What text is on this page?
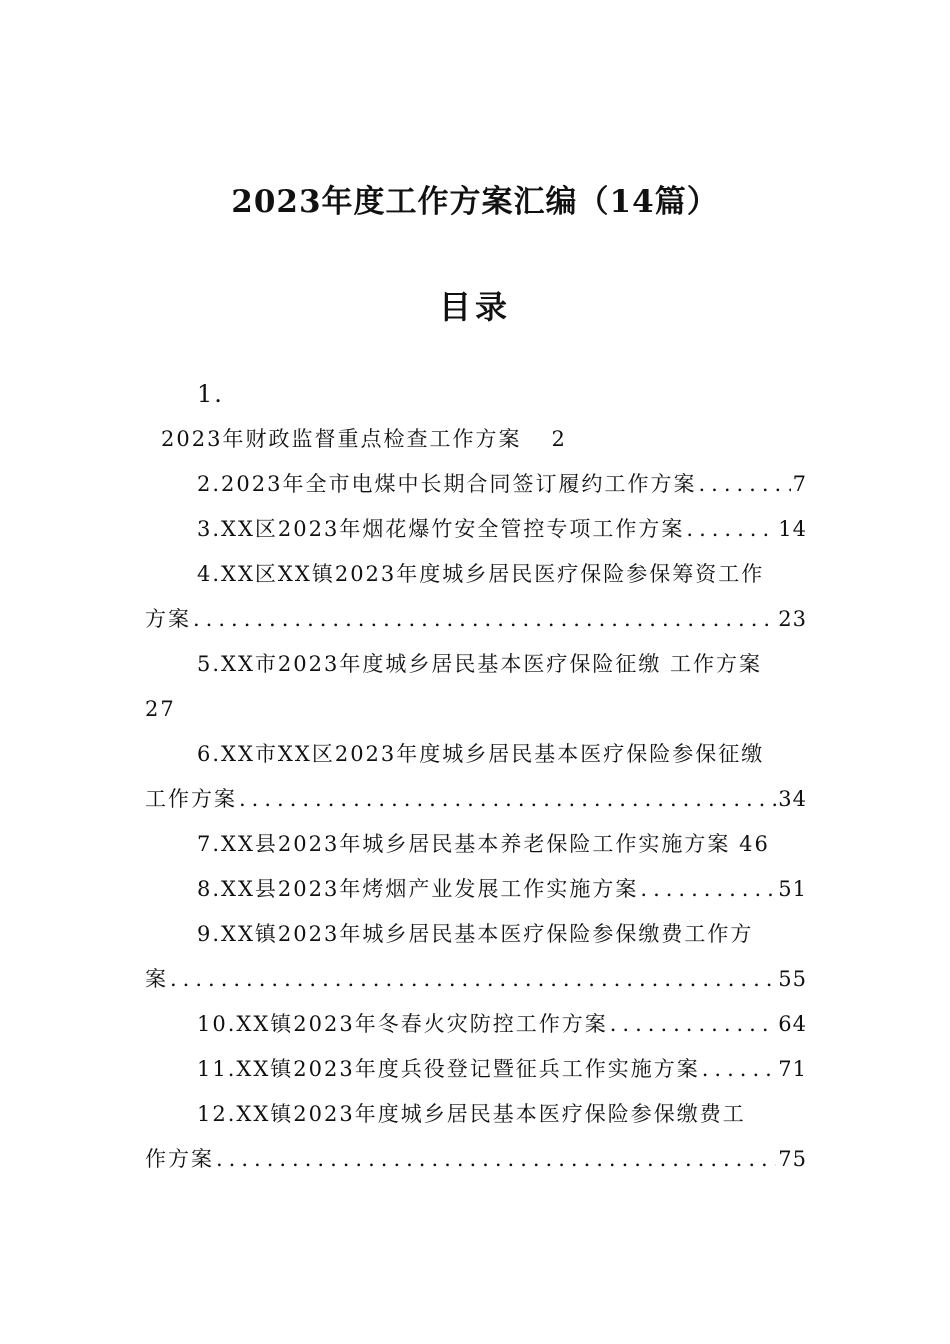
2023年度工作方案汇编（14篇）
目录
1.
2023年财政监督重点检查工作方案 2
2.2023年全市电煤中长期合同签订履约工作方案 .....	7
3.XX区2023年烟花爆竹安全管控专项工作方案 .....	14
4.XX区XX镇2023年度城乡居民医疗保险参保筹资工作
方案 .....	23
5.XX市2023年度城乡居民基本医疗保险征缴 工作方案
27
6.XX市XX区2023年度城乡居民基本医疗保险参保征缴
工作方案 .....	34
7.XX县2023年城乡居民基本养老保险工作实施方案 46
8.XX县2023年烤烟产业发展工作实施方案 .....	51
9.XX镇2023年城乡居民基本医疗保险参保缴费工作方
案 .....	55
10.XX镇2023年冬春火灾防控工作方案 .....	64
11.XX镇2023年度兵役登记暨征兵工作实施方案 .....	71
12.XX镇2023年度城乡居民基本医疗保险参保缴费工
作方案 .....	75
